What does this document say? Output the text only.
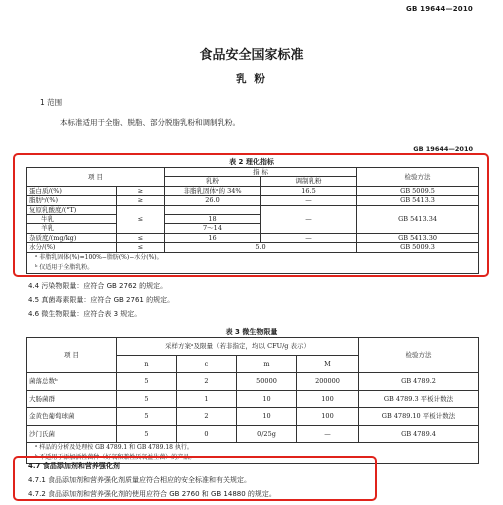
GB 19644—2010
食品安全国家标准
乳 粉
1 范围
本标准适用于全脂、脱脂、部分脱脂乳粉和调制乳粉。
GB 19644—2010
表 2 理化指标
项 目		指 标		检验方法
		乳粉	调制乳粉	
蛋白质/(%)	≥	非脂乳固体ᵃ的 34%	16.5	GB 5009.5
脂肪ᵇ/(%)	≥	26.0	—	GB 5413.3
复原乳酸度/(°T)	≤		—	GB 5413.34
牛乳		18		
羊乳		7～14		
杂质度/(mg/kg)	≤	16	—	GB 5413.30
水分/(%)	≤	5.0		GB 5009.3

ᵃ 非脂乳固体(%)=100%−脂肪(%)−水分(%)。
ᵇ 仅适用于全脂乳粉。				
4.4 污染物限量：应符合 GB 2762 的规定。
4.5 真菌毒素限量：应符合 GB 2761 的规定。
4.6 微生物限量：应符合表 3 规定。
表 3 微生物限量
项 目	采样方案ᵃ及限量（若非指定，均以 CFU/g 表示）				检验方法
	n	c	m	M	
菌落总数ᵇ	5	2	50000	200000	GB 4789.2
大肠菌群	5	1	10	100	GB 4789.3 平板计数法
金黄色葡萄球菌	5	2	10	100	GB 4789.10 平板计数法
沙门氏菌	5	0	0/25g	—	GB 4789.4

ᵃ 样品的分析及处理按 GB 4789.1 和 GB 4789.18 执行。
ᵇ 不适用于添加活性菌种（好氧和兼性厌氧益生菌）的产品。					
4.7 食品添加剂和营养强化剂
4.7.1 食品添加剂和营养强化剂质量应符合相应的安全标准和有关规定。
4.7.2 食品添加剂和营养强化剂的使用应符合 GB 2760 和 GB 14880 的规定。
